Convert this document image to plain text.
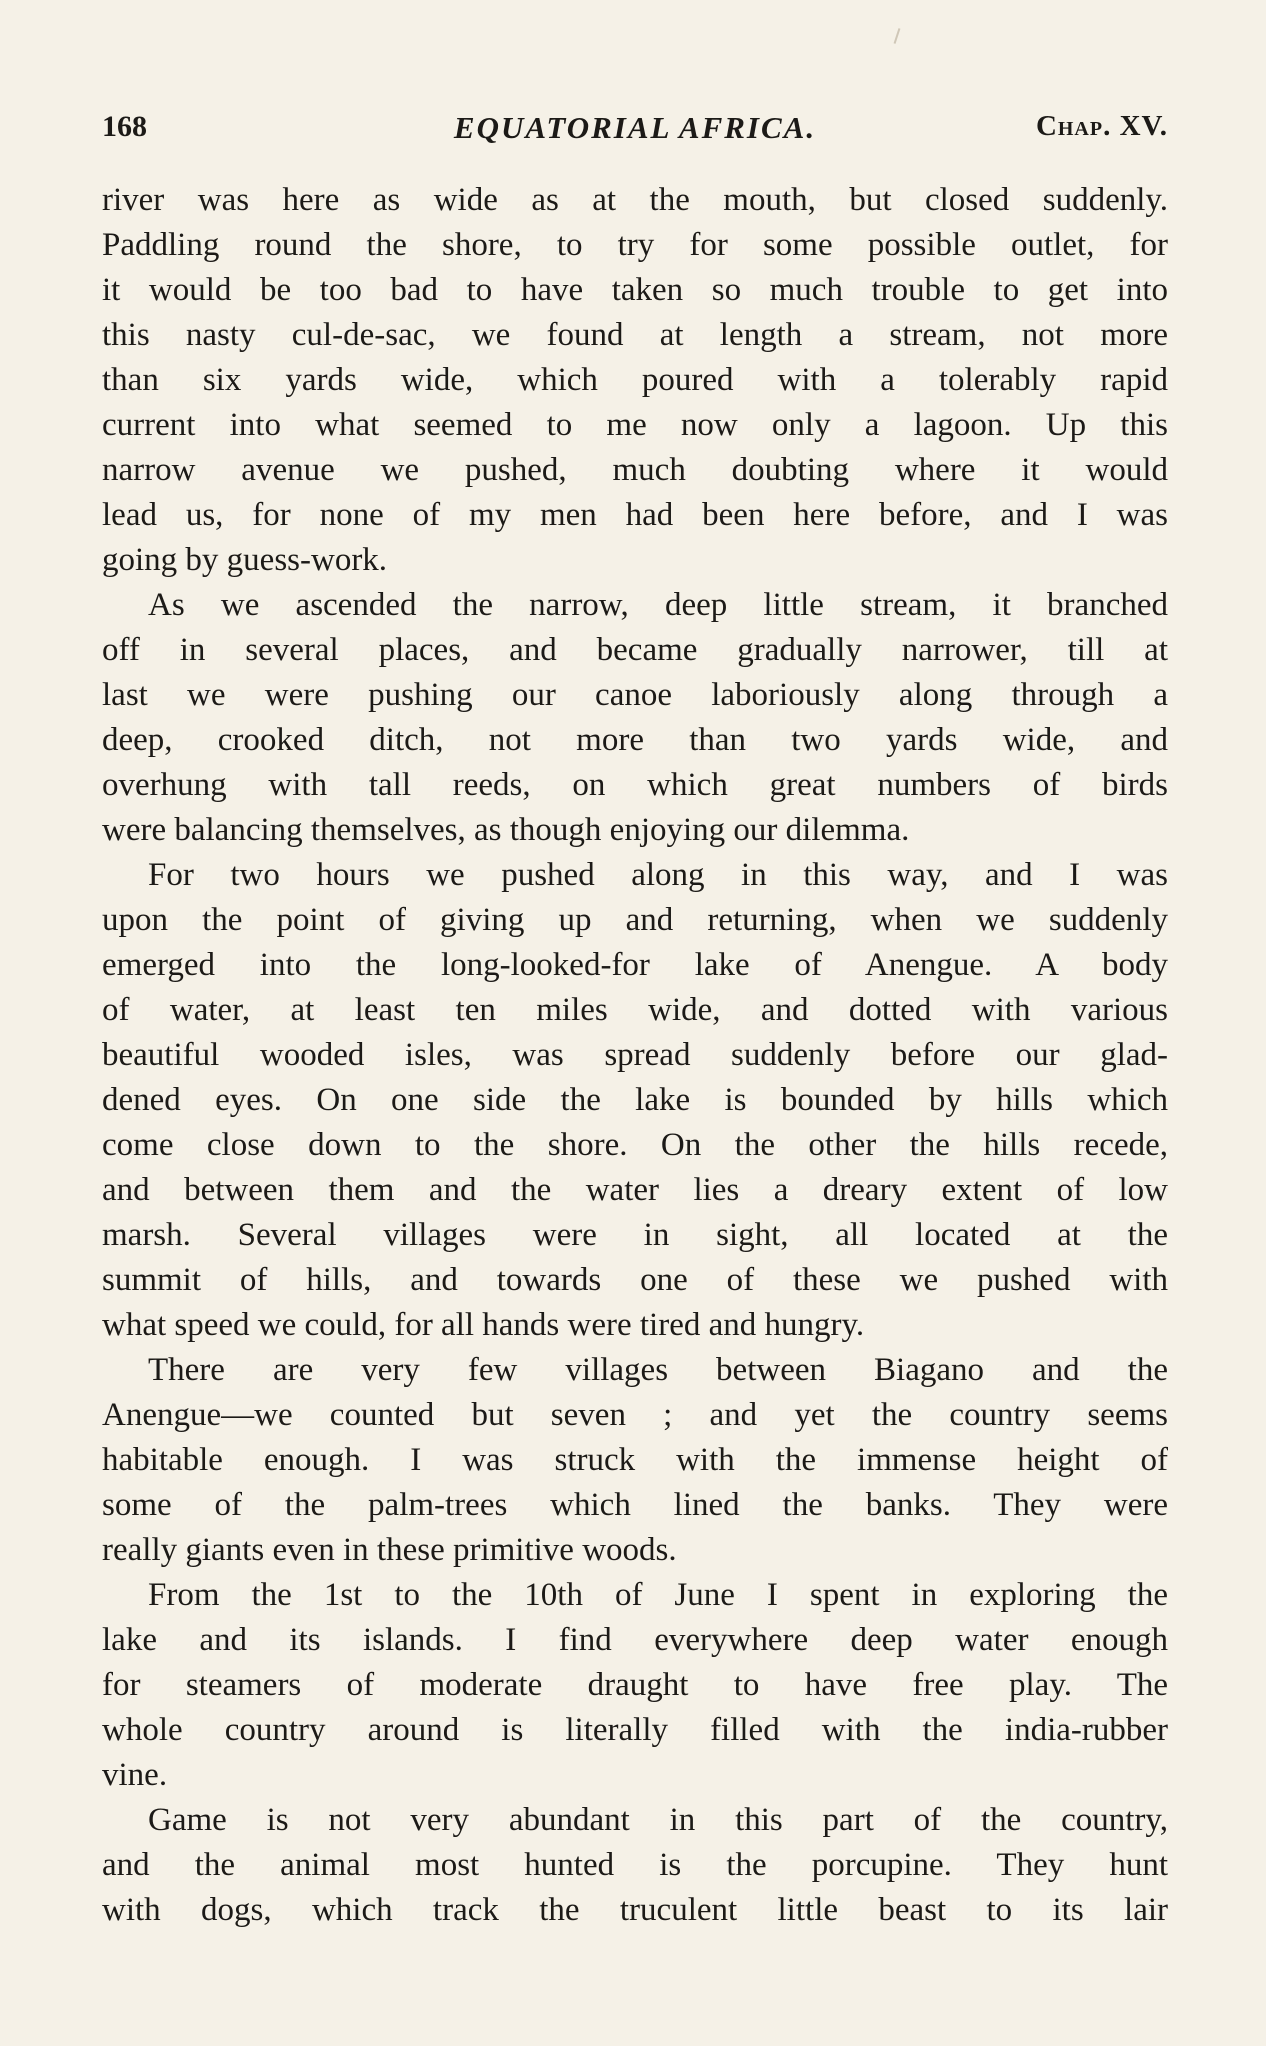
168	EQUATORIAL AFRICA.	Chap. XV.
river was here as wide as at the mouth, but closed suddenly.
Paddling round the shore, to try for some possible outlet, for
it would be too bad to have taken so much trouble to get into
this nasty cul-de-sac, we found at length a stream, not more
than six yards wide, which poured with a tolerably rapid
current into what seemed to me now only a lagoon. Up this
narrow avenue we pushed, much doubting where it would
lead us, for none of my men had been here before, and I was
going by guess-work.
As we ascended the narrow, deep little stream, it branched
off in several places, and became gradually narrower, till at
last we were pushing our canoe laboriously along through a
deep, crooked ditch, not more than two yards wide, and
overhung with tall reeds, on which great numbers of birds
were balancing themselves, as though enjoying our dilemma.
For two hours we pushed along in this way, and I was
upon the point of giving up and returning, when we suddenly
emerged into the long-looked-for lake of Anengue. A body
of water, at least ten miles wide, and dotted with various
beautiful wooded isles, was spread suddenly before our glad-
dened eyes. On one side the lake is bounded by hills which
come close down to the shore. On the other the hills recede,
and between them and the water lies a dreary extent of low
marsh. Several villages were in sight, all located at the
summit of hills, and towards one of these we pushed with
what speed we could, for all hands were tired and hungry.
There are very few villages between Biagano and the
Anengue—we counted but seven ; and yet the country seems
habitable enough. I was struck with the immense height of
some of the palm-trees which lined the banks. They were
really giants even in these primitive woods.
From the 1st to the 10th of June I spent in exploring the
lake and its islands. I find everywhere deep water enough
for steamers of moderate draught to have free play. The
whole country around is literally filled with the india-rubber
vine.
Game is not very abundant in this part of the country,
and the animal most hunted is the porcupine. They hunt
with dogs, which track the truculent little beast to its lair
